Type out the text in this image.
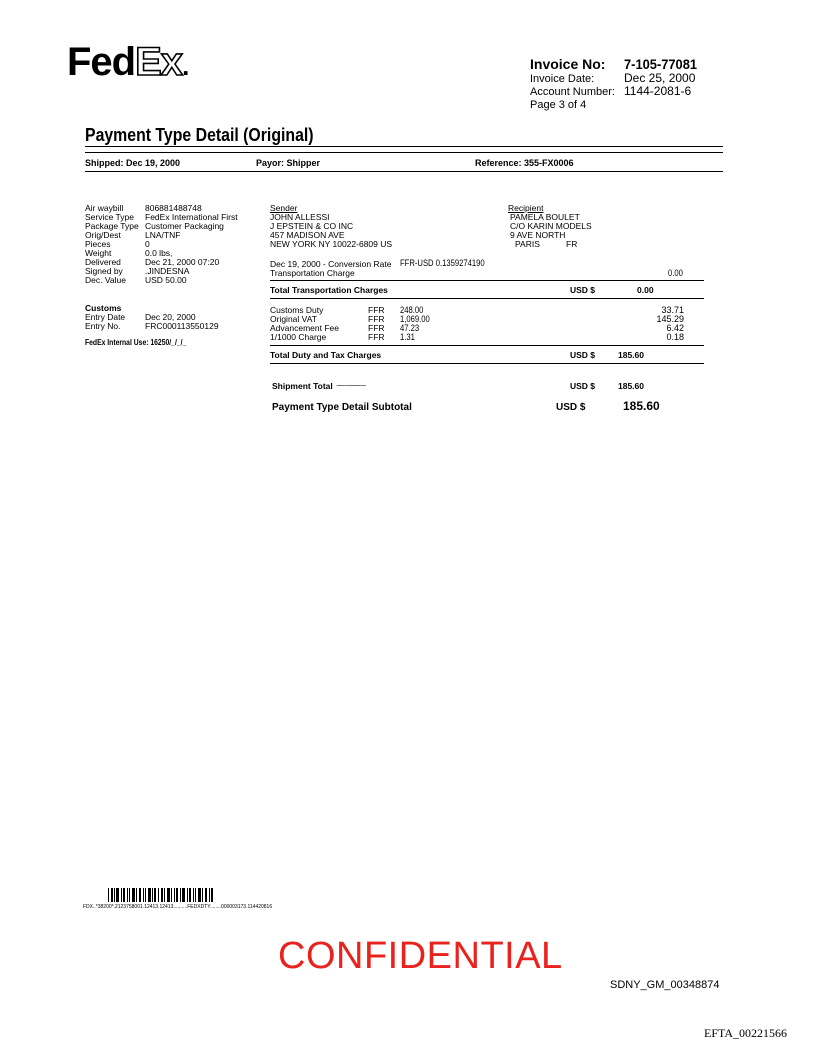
FedEx.	Invoice No: 7-105-77081
Invoice Date: Dec 25, 2000
Account Number: 1144-2081-6
Page 3 of 4
Payment Type Detail (Original)
Shipped: Dec 19, 2000	Payor: Shipper	Reference: 355-FX0006
Air waybill	806881488748
Service Type FedEx International First
Package Type Customer Packaging
Orig/Dest	LNA/TNF
Pieces	0
Weight	0.0 lbs,
Delivered	Dec 21, 2000 07:20
Signed by	.JINDESNA
Dec. Value USD 50.00
Customs
Entry Date Dec 20, 2000
Entry No.	FRC000113550129
FedEx Internal Use: 16250/_/_/_
Sender
JOHN ALLESSI
J EPSTEIN & CO INC
457 MADISON AVE
NEW YORK NY 10022-6809 US
Recipient
PAMELA BOULET
C/O KARIN MODELS
9 AVE NORTH
PARIS	FR
Dec 19, 2000 - Conversion Rate FFR-USD 0.1359274190
Transportation Charge	0.00
Total Transportation Charges	USD $	0.00
Customs Duty	FFR 248.00	33.71
Original VAT	FFR 1,069.00	145.29
Advancement Fee	FFR 47.23	6.42
1/1000 Charge	FFR 1.31	0.18
Total Duty and Tax Charges	USD $	185.60
Shipment Total ...............................	USD $	185.60
Payment Type Detail Subtotal	USD $	185.60
FDX..*38200*.2123758001.12413.12413..........FEDXDTY........000003173.114420816
CONFIDENTIAL
SDNY_GM_00348874
EFTA_00221566
